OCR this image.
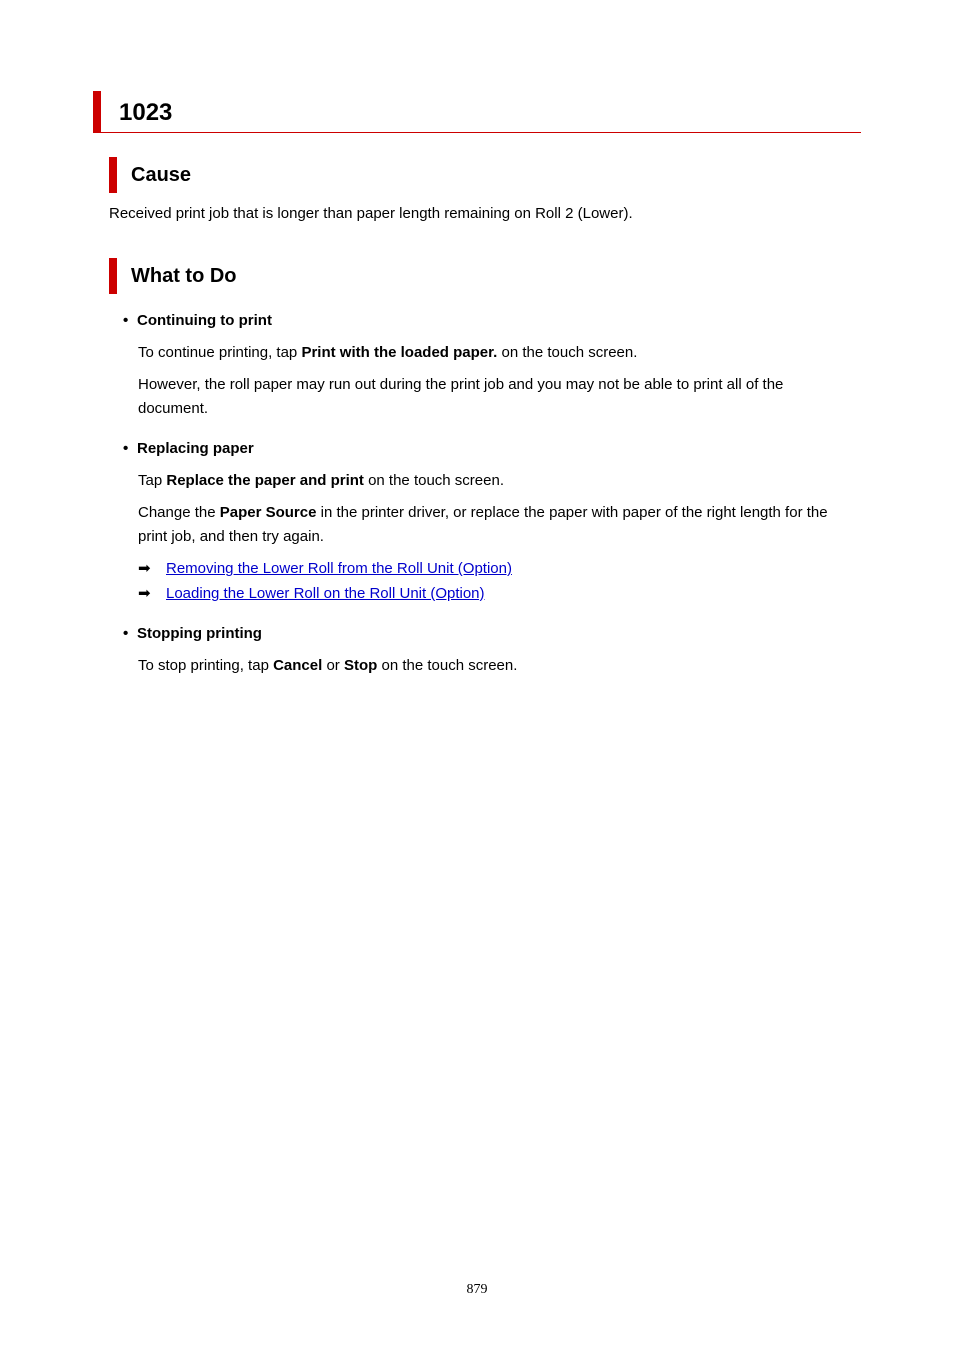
1023
Cause
Received print job that is longer than paper length remaining on Roll 2 (Lower).
What to Do
• Continuing to print
To continue printing, tap Print with the loaded paper. on the touch screen.
However, the roll paper may run out during the print job and you may not be able to print all of the document.
• Replacing paper
Tap Replace the paper and print on the touch screen.
Change the Paper Source in the printer driver, or replace the paper with paper of the right length for the print job, and then try again.
➡ Removing the Lower Roll from the Roll Unit (Option)
➡ Loading the Lower Roll on the Roll Unit (Option)
• Stopping printing
To stop printing, tap Cancel or Stop on the touch screen.
879
